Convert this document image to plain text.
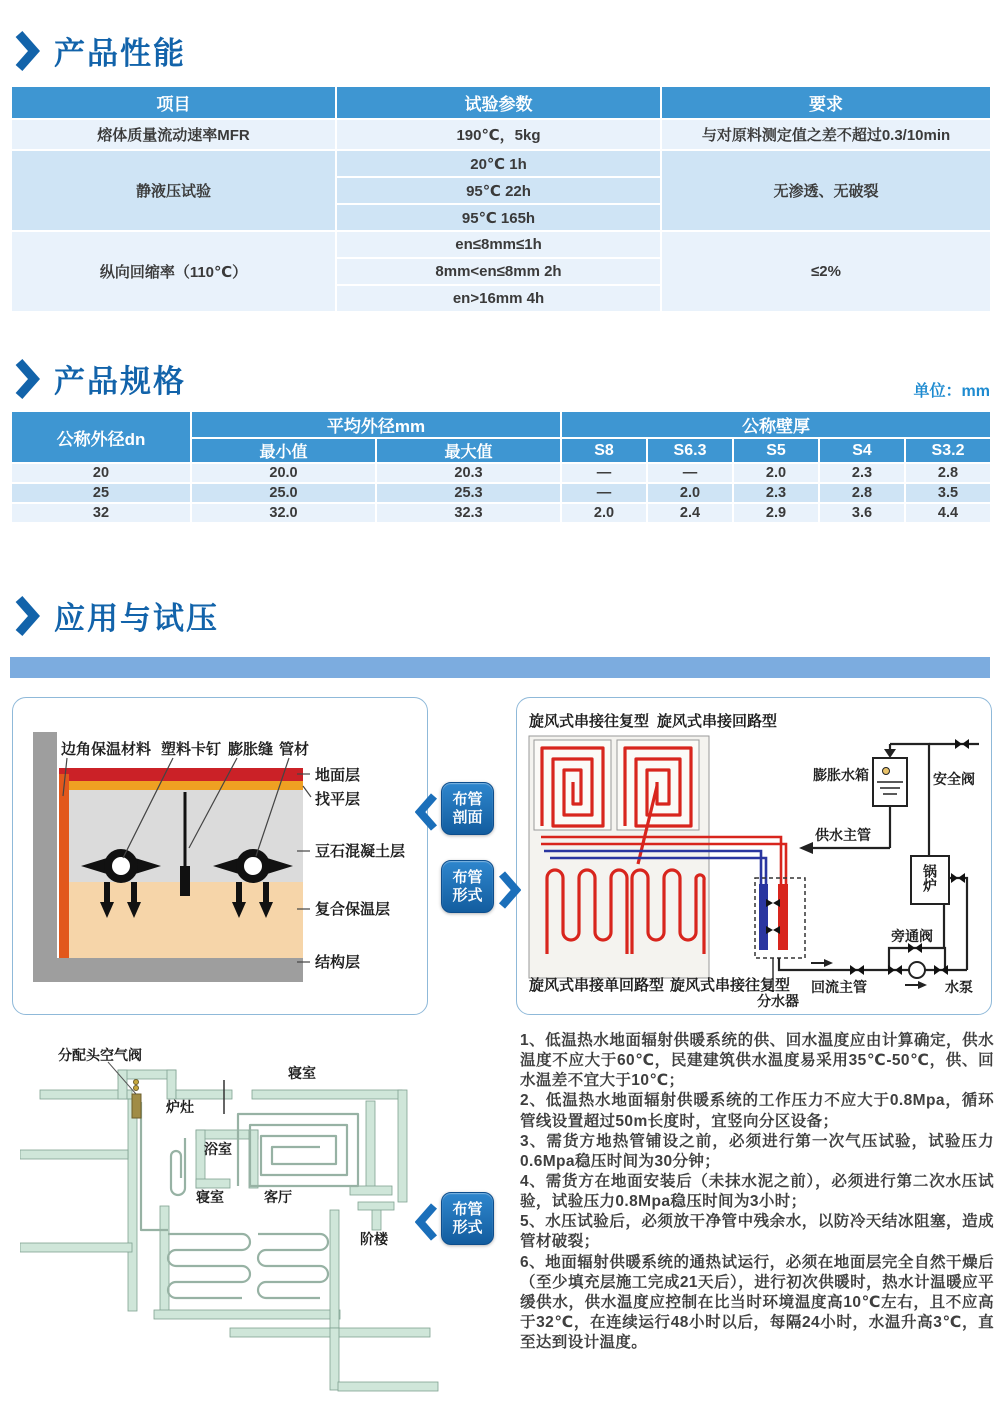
产品性能
项目	试验参数	要求
熔体质量流动速率MFR	190℃，5kg	与对原料测定值之差不超过0.3/10min
静液压试验	20℃ 1h	无渗透、无破裂
	95℃ 22h	
	95℃ 165h	
纵向回缩率（110℃）	en≤8mm≤1h	≤2%
	8mm<en≤8mm 2h	
	en>16mm 4h	
产品规格	单位：mm
公称外径dn	平均外径mm		公称壁厚				
	最小值	最大值	S8	S6.3	S5	S4	S3.2
20	20.0	20.3	—	—	2.0	2.3	2.8
25	25.0	25.3	—	2.0	2.3	2.8	3.5
32	32.0	32.3	2.0	2.4	2.9	3.6	4.4
应用与试压
边角保温材料 塑料卡钉 膨胀缝 管材
地面层
找平层
豆石混凝土层
复合保温层
结构层
锅炉
旋风式串接往复型 旋风式串接回路型
旋风式串接单回路型 旋风式串接往复型
膨胀水箱	安全阀
供水主管
旁通阀
回流主管	水泵
分水器
布管剖面
布管形式
分配头空气阀
寝室
炉灶
浴室
寝室	客厅
阶楼
布管形式

1、低温热水地面辐射供暖系统的供、回水温度应由计算确定，供水温度不应大于60℃，民建建筑供水温度易采用35℃-50℃，供、回水温差不宜大于10℃；

2、低温热水地面辐射供暖系统的工作压力不应大于0.8Mpa，循环管线设置超过50m长度时，宜竖向分区设备；

3、需货方地热管铺设之前，必须进行第一次气压试验，试验压力0.6Mpa稳压时间为30分钟；

4、需货方在地面安装后（未抹水泥之前），必须进行第二次水压试验，试验压力0.8Mpa稳压时间为3小时；

5、水压试验后，必须放干净管中残余水，以防冷天结冰阻塞，造成管材破裂；

6、地面辐射供暖系统的通热试运行，必须在地面层完全自然干燥后（至少填充层施工完成21天后），进行初次供暖时，热水计温暖应平缓供水，供水温度应控制在比当时环境温度高10℃左右，且不应高于32℃，在连续运行48小时以后，每隔24小时，水温升高3℃，直至达到设计温度。
